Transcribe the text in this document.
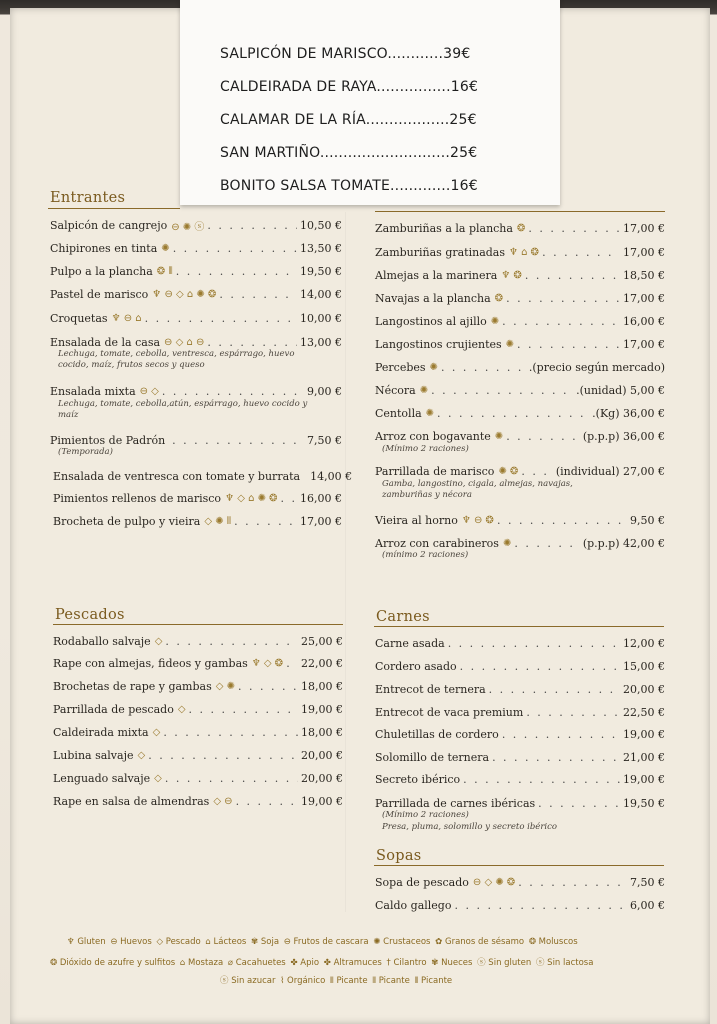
SALPICÓN DE MARISCO............39€
CALDEIRADA DE RAYA................16€
CALAMAR DE LA RÍA..................25€
SAN MARTIÑO............................25€
BONITO SALSA TOMATE.............16€
Entrantes
Pescados	Carnes
Sopas
Salpicón de cangrejo ⊖ ✺ ⓢ . . .	10,50 €
Chipirones en tinta ✺ . . .	13,50 €
Pulpo a la plancha ❂ ⦀ . . .	19,50 €
Pastel de marisco ♆ ⊖ ◇ ⌂ ✺ ❂ . . .	14,00 €
Croquetas ♆ ⊖ ⌂ . . .	10,00 €
Ensalada de la casa ⊖ ◇ ⌂ ⊖ . . .	13,00 €
Lechuga, tomate, cebolla, ventresca, espárrago, huevo cocido, maíz, frutos secos y queso
Ensalada mixta ⊖ ◇ . . .	9,00 €
Lechuga, tomate, cebolla,atún, espárrago, huevo cocido y maíz
Pimientos de Padrón . . .	7,50 €
(Temporada)
Ensalada de ventresca con tomate y burrata 14,00 €
Pimientos rellenos de marisco ♆ ◇ ⌂ ✺ ❂ . . . 16,00 €
Brocheta de pulpo y vieira ◇ ✺ ⦀ . . .	17,00 €
Zamburiñas a la plancha ❂ . . .	17,00 €
Zamburiñas gratinadas ♆ ⌂ ❂ . . .	17,00 €
Almejas a la marinera ♆ ❂ . . .	18,50 €
Navajas a la plancha ❂ . . .	17,00 €
Langostinos al ajillo ✺ . . .	16,00 €
Langostinos crujientes ✺ . . .	17,00 €
Percebes ✺ . . .	.(precio según mercado)
Nécora ✺ . . .	.(unidad) 5,00 €
Centolla ✺ . . .	.(Kg) 36,00 €
Arroz con bogavante ✺ . . .	(p.p.p) 36,00 €
(Mínimo 2 raciones)
Parrillada de marisco ✺ ❂ . . .	(individual) 27,00 €
Gamba, langostino, cigala, almejas, navajas, zamburiñas y nécora
Vieira al horno ♆ ⊖ ❂ . . .	9,50 €
Arroz con carabineros ✺ . . .	(p.p.p) 42,00 €
(mínimo 2 raciones)
Rodaballo salvaje ◇ . . .	25,00 €
Rape con almejas, fideos y gambas ♆ ◇ ❂ . . . 22,00 €
Brochetas de rape y gambas ◇ ✺ . . .	18,00 €
Parrillada de pescado ◇ . . .	19,00 €
Caldeirada mixta ◇ . . .	18,00 €
Lubina salvaje ◇ . . .	20,00 €
Lenguado salvaje ◇ . . .	20,00 €
Rape en salsa de almendras ◇ ⊖ . . .	19,00 €
Carne asada . . .	12,00 €
Cordero asado . . .	15,00 €
Entrecot de ternera . . .	20,00 €
Entrecot de vaca premium . . .	22,50 €
Chuletillas de cordero . . .	19,00 €
Solomillo de ternera . . .	21,00 €
Secreto ibérico . . .	19,00 €
Parrillada de carnes ibéricas . . .	19,50 €
(Mínimo 2 raciones)
Presa, pluma, solomillo y secreto ibérico
Sopa de pescado ⊖ ◇ ✺ ❂ . . .	7,50 €
Caldo gallego . . .	6,00 €
♆ Gluten ⊖ Huevos ◇ Pescado ⌂ Lácteos ✾ Soja ⊖ Frutos de cascara ✺ Crustaceos ✿ Granos de sésamo ❂ Moluscos
❂ Dióxido de azufre y sulfitos ⌂ Mostaza ⌀ Cacahuetes ✤ Apio ✤ Altramuces † Cilantro ✾ Nueces ⓢ Sin gluten ⓢ Sin lactosa
ⓢ Sin azucar ⌇ Orgánico ⦀ Picante ⦀ Picante ⦀ Picante
